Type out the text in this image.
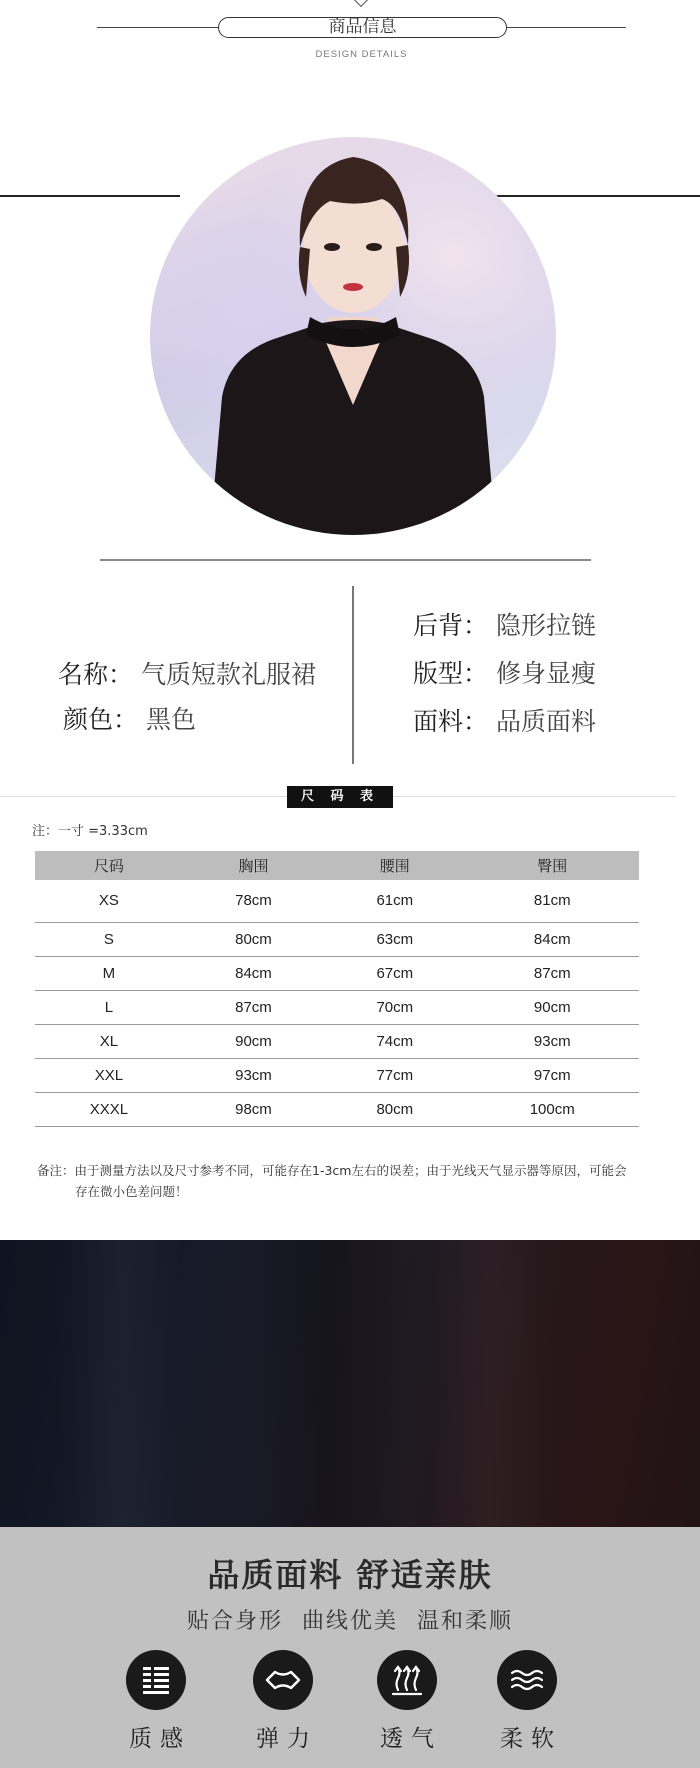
商品信息
DESIGN DETAILS
名称： 气质短款礼服裙
颜色： 黑色
后背： 隐形拉链
版型： 修身显瘦
面料： 品质面料
尺 码 表
注：一寸 =3.33cm
尺码	胸围	腰围	臀围
XS	78cm	61cm	81cm
S	80cm	63cm	84cm
M	84cm	67cm	87cm
L	87cm	70cm	90cm
XL	90cm	74cm	93cm
XXL	93cm	77cm	97cm
XXXL	98cm	80cm	100cm
备注：由于测量方法以及尺寸参考不同，可能存在1-3cm左右的误差；由于光线天气显示器等原因，可能会
存在微小色差问题！
品质面料 舒适亲肤
贴合身形 曲线优美 温和柔顺
质感	弹力	透气	柔软
